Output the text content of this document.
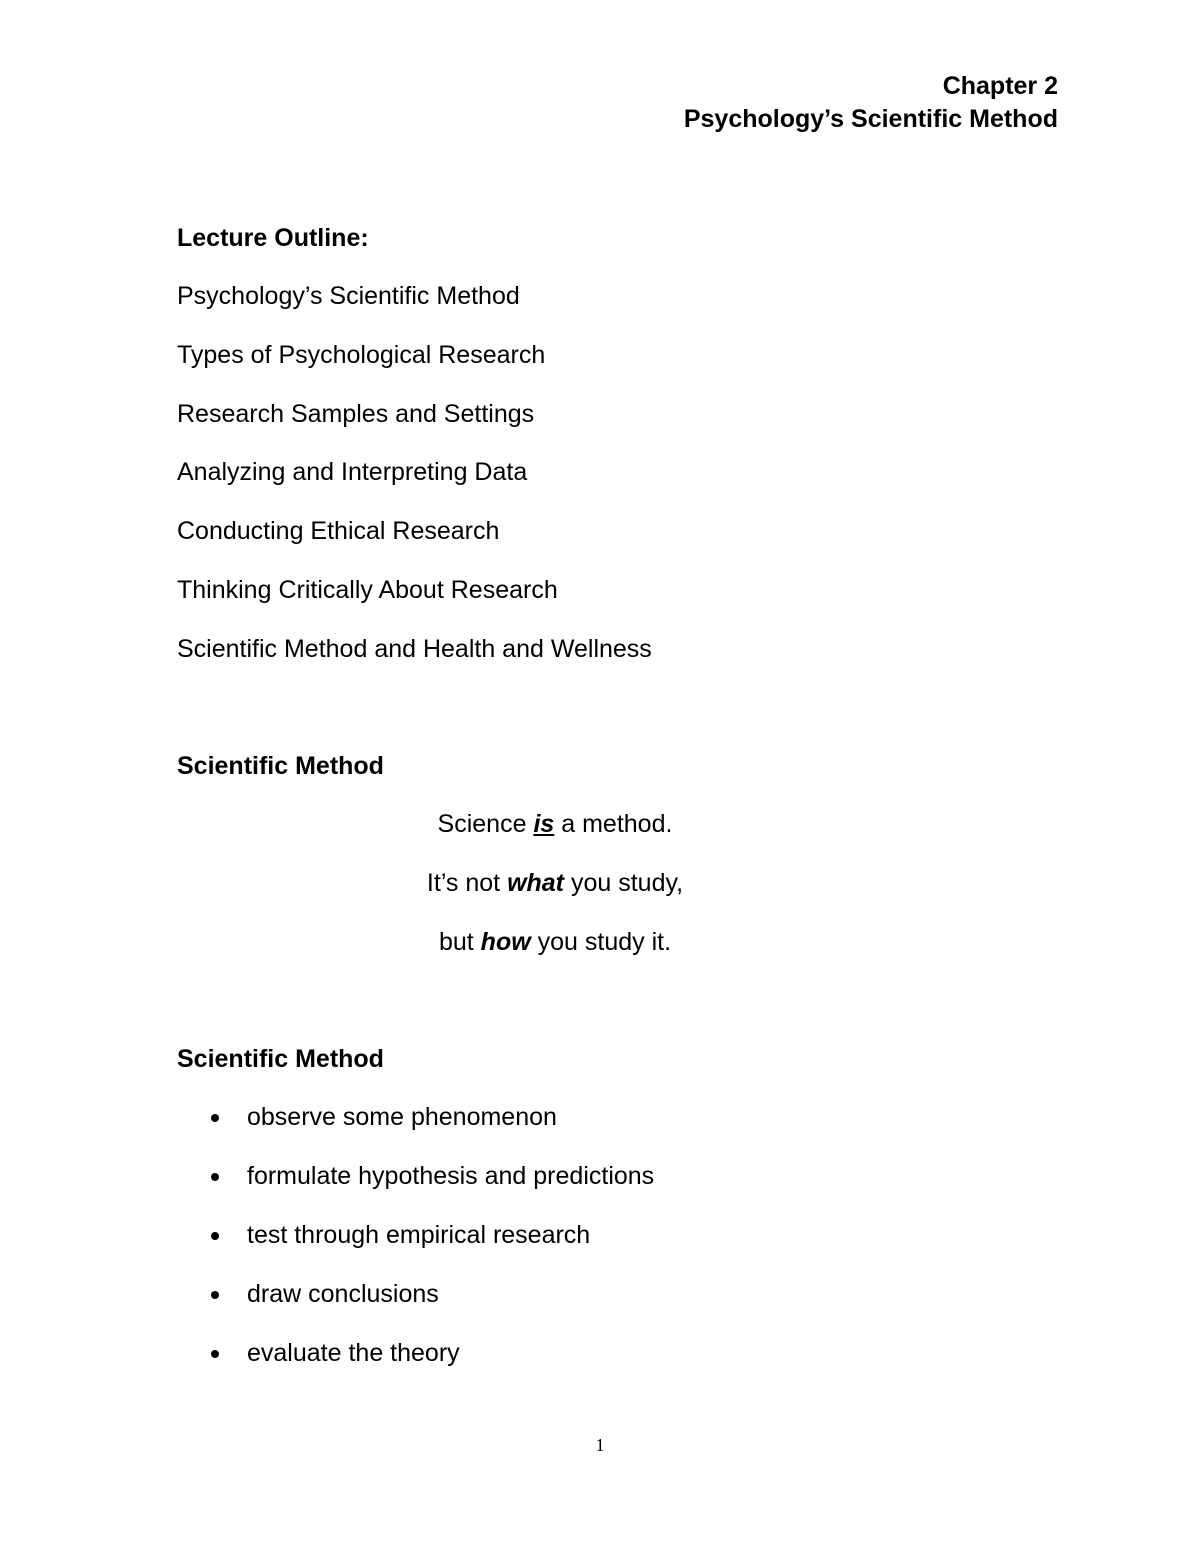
Chapter 2
Psychology’s Scientific Method
Lecture Outline:
Psychology’s Scientific Method
Types of Psychological Research
Research Samples and Settings
Analyzing and Interpreting Data
Conducting Ethical Research
Thinking Critically About Research
Scientific Method and Health and Wellness
Scientific Method
Science is a method.
It’s not what you study,
but how you study it.
Scientific Method
observe some phenomenon
formulate hypothesis and predictions
test through empirical research
draw conclusions
evaluate the theory
1
